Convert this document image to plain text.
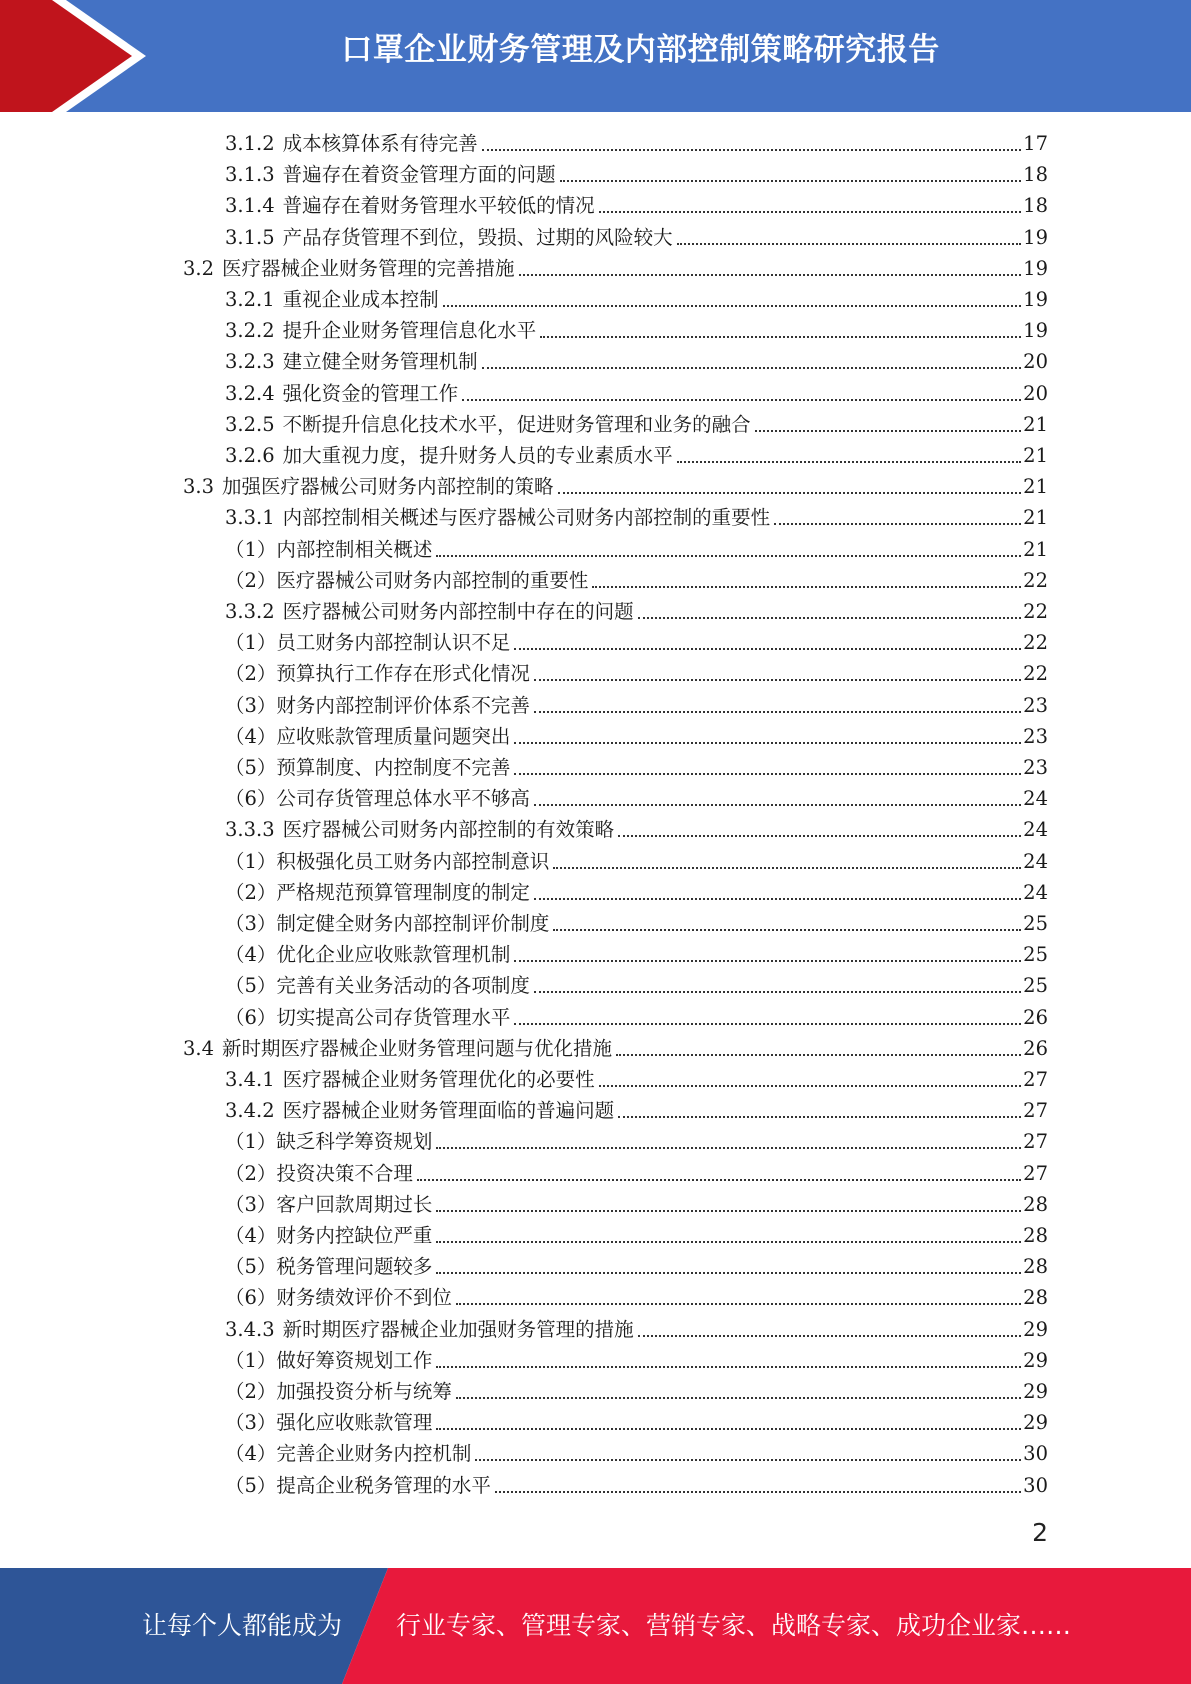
口罩企业财务管理及内部控制策略研究报告
3.1.2 成本核算体系有待完善	17
3.1.3 普遍存在着资金管理方面的问题	18
3.1.4 普遍存在着财务管理水平较低的情况	18
3.1.5 产品存货管理不到位，毁损、过期的风险较大	19
3.2 医疗器械企业财务管理的完善措施	19
3.2.1 重视企业成本控制	19
3.2.2 提升企业财务管理信息化水平	19
3.2.3 建立健全财务管理机制	20
3.2.4 强化资金的管理工作	20
3.2.5 不断提升信息化技术水平，促进财务管理和业务的融合	21
3.2.6 加大重视力度，提升财务人员的专业素质水平	21
3.3 加强医疗器械公司财务内部控制的策略	21
3.3.1 内部控制相关概述与医疗器械公司财务内部控制的重要性	21
（1）内部控制相关概述	21
（2）医疗器械公司财务内部控制的重要性	22
3.3.2 医疗器械公司财务内部控制中存在的问题	22
（1）员工财务内部控制认识不足	22
（2）预算执行工作存在形式化情况	22
（3）财务内部控制评价体系不完善	23
（4）应收账款管理质量问题突出	23
（5）预算制度、内控制度不完善	23
（6）公司存货管理总体水平不够高	24
3.3.3 医疗器械公司财务内部控制的有效策略	24
（1）积极强化员工财务内部控制意识	24
（2）严格规范预算管理制度的制定	24
（3）制定健全财务内部控制评价制度	25
（4）优化企业应收账款管理机制	25
（5）完善有关业务活动的各项制度	25
（6）切实提高公司存货管理水平	26
3.4 新时期医疗器械企业财务管理问题与优化措施	26
3.4.1 医疗器械企业财务管理优化的必要性	27
3.4.2 医疗器械企业财务管理面临的普遍问题	27
（1）缺乏科学筹资规划	27
（2）投资决策不合理	27
（3）客户回款周期过长	28
（4）财务内控缺位严重	28
（5）税务管理问题较多	28
（6）财务绩效评价不到位	28
3.4.3 新时期医疗器械企业加强财务管理的措施	29
（1）做好筹资规划工作	29
（2）加强投资分析与统筹	29
（3）强化应收账款管理	29
（4）完善企业财务内控机制	30
（5）提高企业税务管理的水平	30
2
让每个人都能成为 行业专家、管理专家、营销专家、战略专家、成功企业家……
